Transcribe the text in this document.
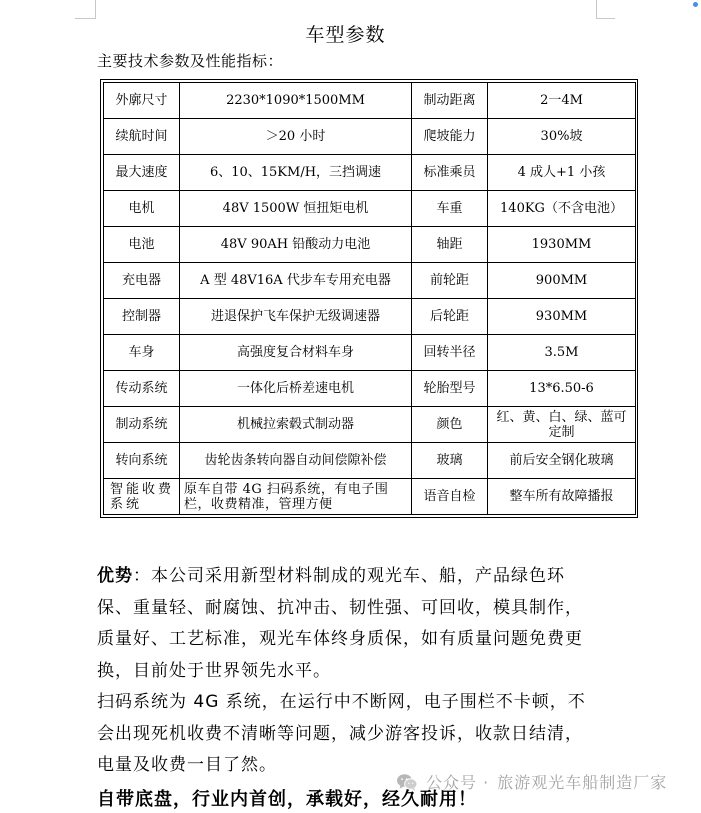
车型参数
主要技术参数及性能指标：
外廓尺寸	2230*1090*1500MM	制动距离	2一4M
续航时间	＞20 小时	爬坡能力	30%坡
最大速度	6、10、15KM/H，三挡调速	标准乘员	4 成人+1 小孩
电机	48V 1500W 恒扭矩电机	车重	140KG（不含电池）
电池	48V 90AH 铅酸动力电池	轴距	1930MM
充电器	A 型 48V16A 代步车专用充电器	前轮距	900MM
控制器	进退保护飞车保护无级调速器	后轮距	930MM
车身	高强度复合材料车身	回转半径	3.5M
传动系统	一体化后桥差速电机	轮胎型号	13*6.50-6
制动系统	机械拉索毂式制动器	颜色	红、黄、白、绿、蓝可定制
转向系统	齿轮齿条转向器自动间偿隙补偿	玻璃	前后安全钢化玻璃
智能收费系统	原车自带 4G 扫码系统，有电子围栏，收费精准，管理方便	语音自检	整车所有故障播报

优势：本公司采用新型材料制成的观光车、船，产品绿色环保、重量轻、耐腐蚀、抗冲击、韧性强、可回收，模具制作，质量好、工艺标准，观光车体终身质保，如有质量问题免费更换，目前处于世界领先水平。

扫码系统为 4G 系统，在运行中不断网，电子围栏不卡顿，不会出现死机收费不清晰等问题，减少游客投诉，收款日结清，电量及收费一目了然。

自带底盘，行业内首创，承载好，经久耐用！
公众号 · 旅游观光车船制造厂家
